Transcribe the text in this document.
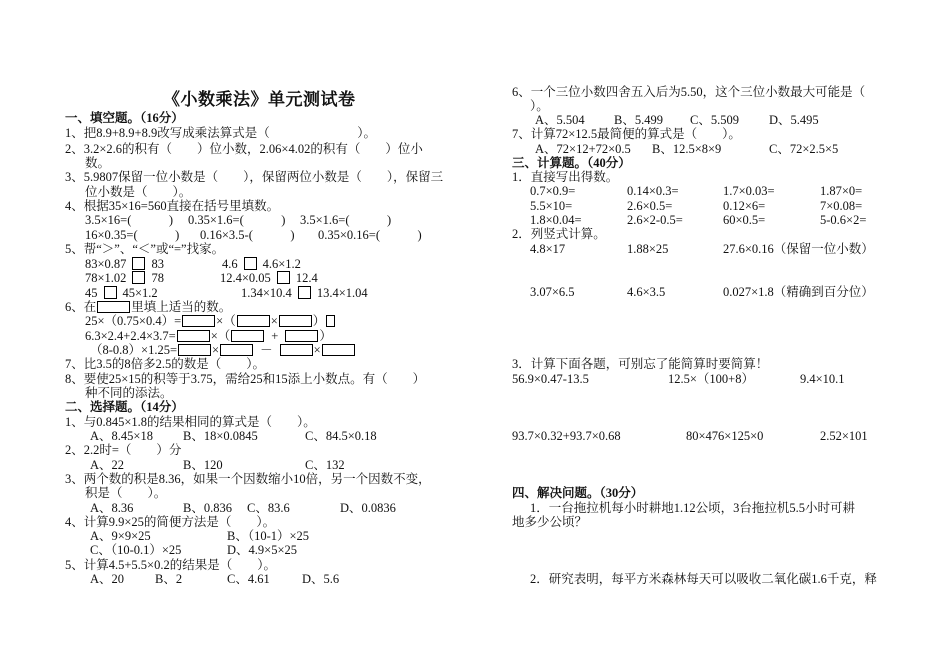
《小数乘法》单元测试卷
一、填空题。（16分）
1、把8.9+8.9+8.9改写成乘法算式是（　　　　　　　）。
2、3.2×2.6的积有（　　）位小数，2.06×4.02的积有（　　）位小
数。
3、5.9807保留一位小数是（　　），保留两位小数是（　　），保留三
位小数是（　　）。
4、根据35×16=560直接在括号里填数。
3.5×16=(　　　) 0.35×1.6=(　　　) 3.5×1.6=(　　　)
16×0.35=(　　　) 0.16×3.5-(　　　) 0.35×0.16=(　　　)
5、帮“＞”、“＜”或“=”找家。
83×0.87 83	4.6 4.6×1.2
78×1.02 78	12.4×0.05 12.4
45 45×1.2	1.34×10.4 13.4×1.04
6、在	里填上适当的数。
25×（0.75×0.4）=	×（	×	）
6.3×2.4+2.4×3.7=	×（	+	）
（8-0.8）×1.25=	×	－	×
7、比3.5的8倍多2.5的数是（　　）。
8、要使25×15的积等于3.75，需给25和15添上小数点。有（　　）
种不同的添法。
二、选择题。（14分）
1、与0.845×1.8的结果相同的算式是（　　）。
A、8.45×18 B、18×0.0845	C、84.5×0.18
2、2.2时=（　　）分
A、22	B、120	C、132
3、两个数的积是8.36，如果一个因数缩小10倍，另一个因数不变，
积是（　　）。
A、8.36	B、0.836 C、83.6	D、0.0836
4、计算9.9×25的简便方法是（　　）。
A、9×9×25	B、（10-1）×25
C、（10-0.1）×25	D、4.9×5×25
5、计算4.5+5.5×0.2的结果是（　　）。
A、20 B、2	C、4.61	D、5.6
6、一个三位小数四舍五入后为5.50，这个三位小数最大可能是（
）。
A、5.504 B、5.499 C、5.509 D、5.495
7、计算72×12.5最简便的算式是（　　）。
A、72×12+72×0.5 B、12.5×8×9	C、72×2.5×5
三、计算题。（40分）
1．直接写出得数。
0.7×0.9=	0.14×0.3=	1.7×0.03=	1.87×0=
5.5×10=	2.6×0.5=	0.12×6=	7×0.08=
1.8×0.04=	2.6×2-0.5=	60×0.5=	5-0.6×2=
2．列竖式计算。
4.8×17	1.88×25	27.6×0.16（保留一位小数）
3.07×6.5	4.6×3.5	0.027×1.8（精确到百分位）
3．计算下面各题，可别忘了能简算时要简算！
56.9×0.47-13.5	12.5×（100+8）	9.4×10.1
93.7×0.32+93.7×0.68	80×476×125×0	2.52×101
四、解决问题。（30分）
1．一台拖拉机每小时耕地1.12公顷，3台拖拉机5.5小时可耕
地多少公顷？
2．研究表明，每平方米森林每天可以吸收二氧化碳1.6千克，释
